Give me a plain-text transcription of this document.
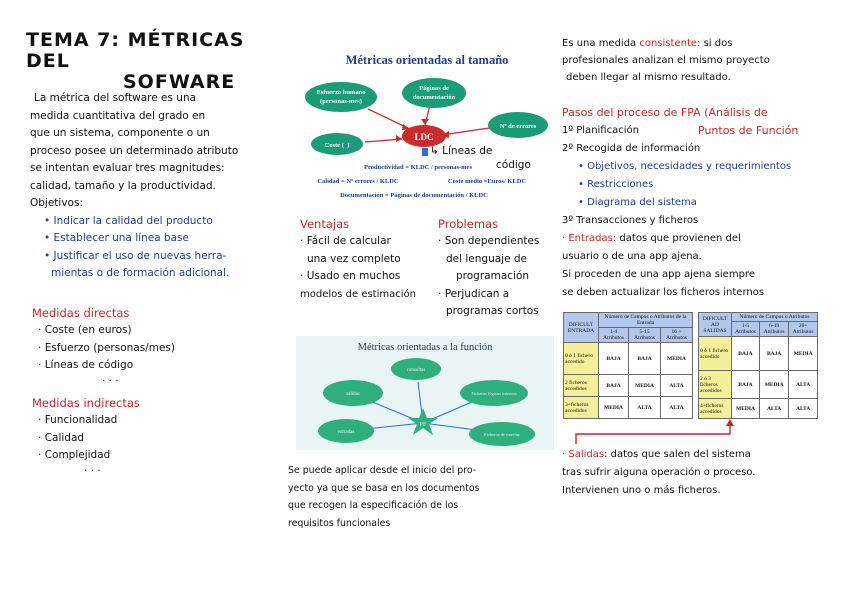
TEMA 7: MÉTRICAS DEL
SOFWARE
La métrica del software es una
medida cuantitativa del grado en
que un sistema, componente o un
proceso posee un determinado atributo
se intentan evaluar tres magnitudes:
calidad, tamaño y la productividad.
Objetivos:
• Indicar la calidad del producto
• Establecer una línea base
• Justificar el uso de nuevas herra-
mientas o de formación adicional.
Medidas directas
· Coste (en euros)
· Esfuerzo (personas/mes)
· Líneas de código
· · ·
Medidas indirectas
· Funcionalidad
· Calidad
· Complejidad
· · ·
Métricas orientadas al tamaño
Esfuerzo humano
(personas-mes)
Páginas de
documentación
Nº de errores
Coste (€)
LDC
Productividad = KLDC / personas-mes
Calidad = Nº errores / KLDC	Coste medio =Euros/ KLDC
Documentación = Páginas de documentación / KLDC
↳ Líneas de
código
Ventajas
· Fácil de calcular
una vez completo
· Usado en muchos
modelos de estimación
Problemas
· Son dependientes
del lenguaje de
programación
· Perjudican a
programas cortos
Métricas orientadas a la función
consultas
salidas	Ficheros lógicos internos
entradas	Ficheros de interfaz
PF
Se puede aplicar desde el inicio del pro-
yecto ya que se basa en los documentos
que recogen la especificación de los
requisitos funcionales
Es una medida consistente: si dos
profesionales analizan el mismo proyecto
deben llegar al mismo resultado.
Pasos del proceso de FPA (Análisis de
1º Planificación	Puntos de Función
2º Recogida de información
• Objetivos, necesidades y requerimientos
• Restricciones
• Diagrama del sistema
3º Transacciones y ficheros
· Entradas: datos que provienen del
usuario o de una app ajena.
Si proceden de una app ajena siempre
se deben actualizar los ficheros internos
DIFICULT
ENTRADA	Número de Campos o Atributos de la Entrada		
	1-4 Atributos	5-15 Atributos	16 + Atributos
0 ó 1 fichero accedido	BAJA	BAJA	MEDIA
2 ficheros accedidos	BAJA	MEDIA	ALTA
3+ficheros accedidos	MEDIA	ALTA	ALTA
DIFICULT
AD
SALIDAS	Número de Campos o Atributos		
	1-5 Atributos	6-19 Atributos	20+ Atributos
0 ó 1 fichero accedido	BAJA	BAJA	MEDIA
2 ó 3 ficheros accedidos	BAJA	MEDIA	ALTA
4+ficheros accedidos	MEDIA	ALTA	ALTA
· Salidas: datos que salen del sistema
tras sufrir alguna operación o proceso.
Intervienen uno o más ficheros.
